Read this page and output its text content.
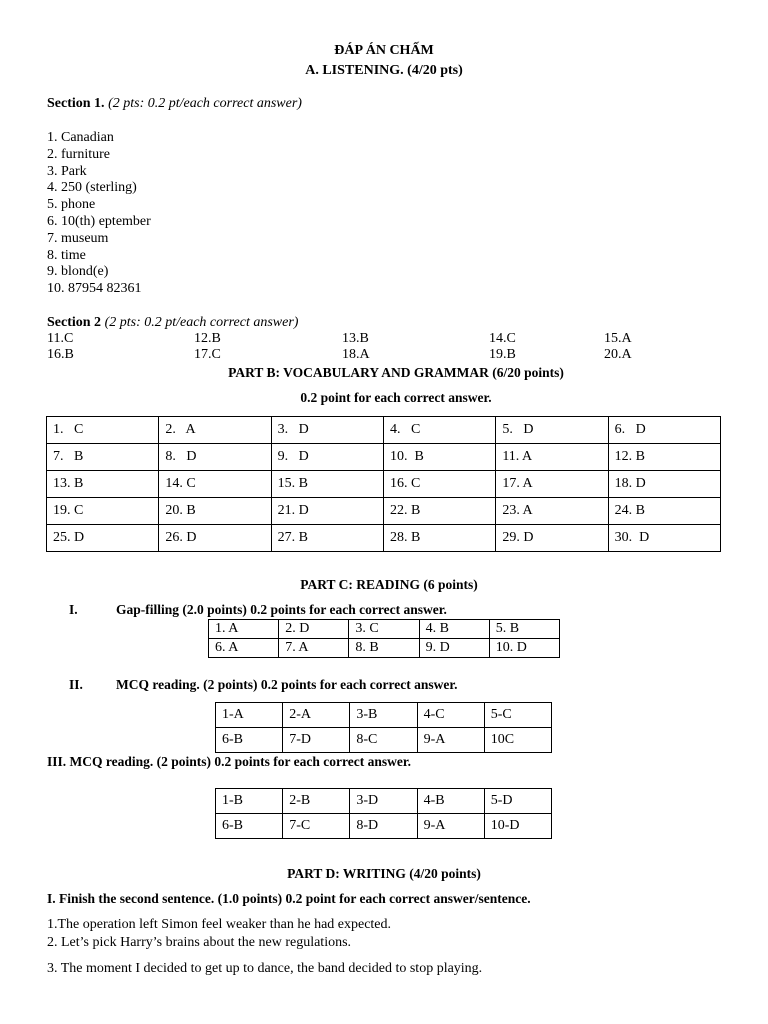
ĐÁP ÁN CHẤM
A. LISTENING. (4/20 pts)
Section 1. (2 pts: 0.2 pt/each correct answer)
1. Canadian
2. furniture
3. Park
4. 250 (sterling)
5. phone
6. 10(th) eptember
7. museum
8. time
9. blond(e)
10. 87954 82361
Section 2 (2 pts: 0.2 pt/each correct answer)
11.C	12.B	13.B	14.C	15.A
16.B	17.C	18.A	19.B	20.A
PART B: VOCABULARY AND GRAMMAR (6/20 points)
0.2 point for each correct answer.
1.   C	2.   A	3.   D	4.   C	5.   D	6.   D
7.   B	8.   D	9.   D	10.  B	11. A	12. B
13. B	14. C	15. B	16. C	17. A	18. D
19. C	20. B	21. D	22. B	23. A	24. B
25. D	26. D	27. B	28. B	29. D	30.  D
PART C: READING (6 points)
I.	Gap-filling (2.0 points) 0.2 points for each correct answer.
1. A	2. D	3. C	4. B	5. B
6. A	7. A	8. B	9. D	10. D
II. MCQ reading. (2 points) 0.2 points for each correct answer.
1-A	2-A	3-B	4-C	5-C
6-B	7-D	8-C	9-A	10C
III. MCQ reading. (2 points) 0.2 points for each correct answer.
1-B	2-B	3-D	4-B	5-D
6-B	7-C	8-D	9-A	10-D
PART D: WRITING (4/20 points)
I. Finish the second sentence. (1.0 points) 0.2 point for each correct answer/sentence.
1.The operation left Simon feel weaker than he had expected.
2. Let’s pick Harry’s brains about the new regulations.
3. The moment I decided to get up to dance, the band decided to stop playing.
